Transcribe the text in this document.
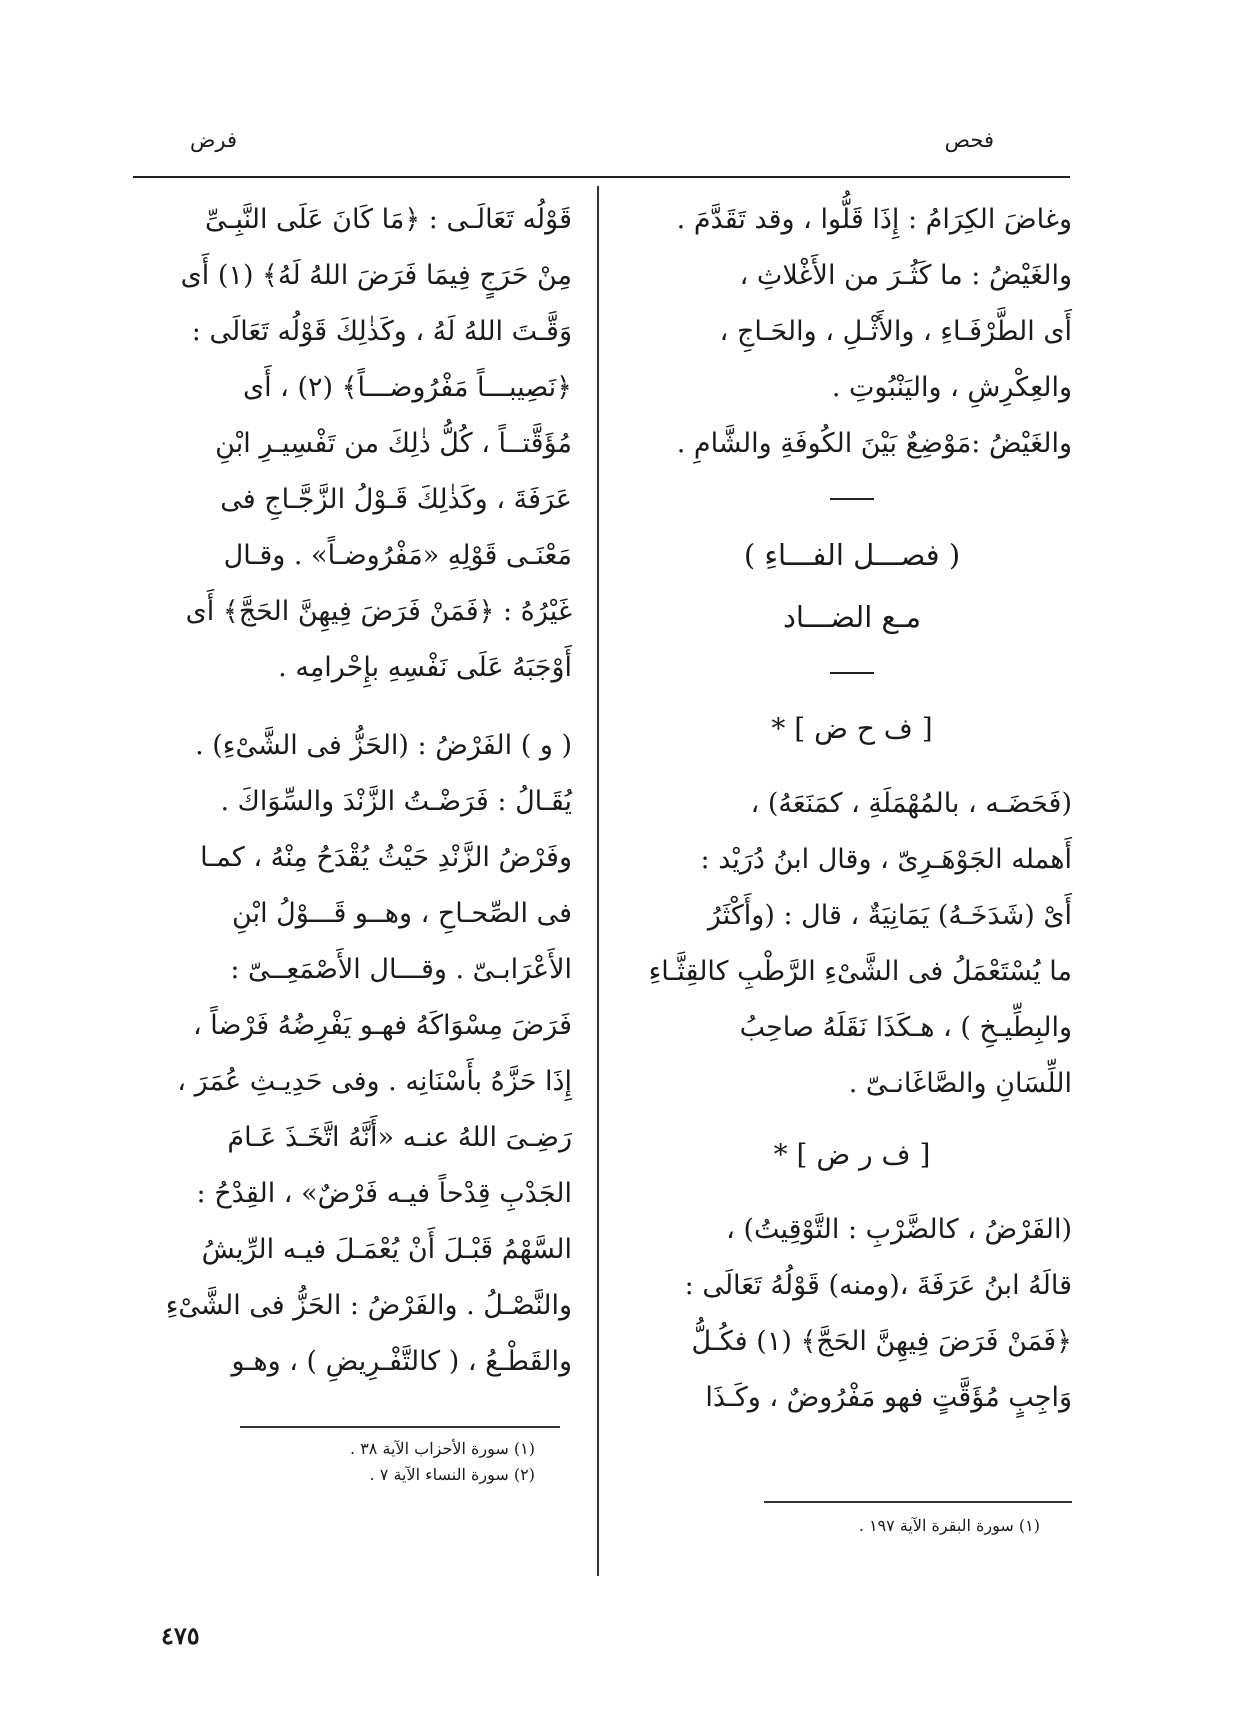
فحص
فرض

وغاضَ الكِرَامُ : إِذَا قَلُّوا ، وقد تَقَدَّمَ .

والغَيْضُ : ما كَثُـرَ من الأَغْلاثِ ،

أَى الطَّرْفَـاءِ ، والأَثْـلِ ، والحَـاجِ ،

والعِكْرِشِ ، واليَنْبُوتِ .

والغَيْضُ :مَوْضِعٌ بَيْنَ الكُوفَةِ والشَّامِ .

( فصـــل الفـــاءِ )

مـع الضـــاد

[ ف ح ض ] *

(فَحَضَـه ، بالمُهْمَلَةِ ، كمَنَعَهُ) ،

أَهمله الجَوْهَـرِىّ ، وقال ابنُ دُرَيْد :

أَىْ (شَدَخَـهُ) يَمَانِيَةٌ ، قال : (وأَكْثَرُ

ما يُسْتَعْمَلُ فى الشَّىْءِ الرَّطْبِ كالقِثَّـاءِ

والبِطِّيـخِ ) ، هـكَذَا نَقَلَهُ صاحِبُ

اللِّسَانِ والصَّاغَانـىّ .

[ ف ر ض ] *

(الفَرْضُ ، كالضَّرْبِ : التَّوْقِيتُ) ،

قالَهُ ابنُ عَرَفَةَ ،(ومنه) قَوْلُهُ تَعَالَى :

﴿فَمَنْ فَرَضَ فِيهِنَّ الحَجَّ﴾ (١) فكُـلُّ

وَاجِبٍ مُؤَقَّتٍ فهو مَفْرُوضٌ ، وكَـذَا

قَوْلُه تَعَالَـى : ﴿مَا كَانَ عَلَى النَّبِـىِّ

مِنْ حَرَجٍ فِيمَا فَرَضَ اللهُ لَهُ﴾ (١) أَى

وَقَّـتَ اللهُ لَهُ ، وكَذٰلِكَ قَوْلُه تَعَالَى :

﴿نَصِيبـــاً مَفْرُوضـــاً﴾ (٢) ، أَى

مُؤَقَّتــاً ، كُلُّ ذٰلِكَ من تَفْسِيـرِ ابْنِ

عَرَفَةَ ، وكَذٰلِكَ قَـوْلُ الزَّجَّـاجِ فى

مَعْنَـى قَوْلِهِ «مَفْرُوضـاً» . وقـال

غَيْرُهُ : ﴿فَمَنْ فَرَضَ فِيهِنَّ الحَجَّ﴾ أَى

أَوْجَبَهُ عَلَى نَفْسِهِ بإِحْرامِه .

( و ) الفَرْضُ : (الحَزُّ فى الشَّىْءِ) .

يُقَـالُ : فَرَضْـتُ الزَّنْدَ والسِّوَاكَ .

وفَرْضُ الزَّنْدِ حَيْثُ يُقْدَحُ مِنْهُ ، كمـا

فى الصِّحـاحِ ، وهــو قَـــوْلُ ابْنِ

الأَعْرَابـىّ . وقـــال الأَصْمَعِــىّ :

فَرَضَ مِسْوَاكَهُ فهـو يَفْرِضُهُ فَرْضاً ،

إِذَا حَزَّهُ بأَسْنَانِه . وفى حَدِيـثِ عُمَرَ ،

رَضِـىَ اللهُ عنـه «أَنَّهُ اتَّخَـذَ عَـامَ

الجَدْبِ قِدْحاً فيـه فَرْضٌ» ، القِدْحُ :

السَّهْمُ قَبْـلَ أَنْ يُعْمَـلَ فيـه الرِّيشُ

والنَّصْـلُ . والفَرْضُ : الحَزُّ فى الشَّىْءِ

والقَطْـعُ ، ( كالتَّفْـرِيضِ ) ، وهـو

(١) سورة البقرة الآية ١٩٧ .

(١) سورة الأحزاب الآية ٣٨ .

(٢) سورة النساء الآية ٧ .

٤٧٥
